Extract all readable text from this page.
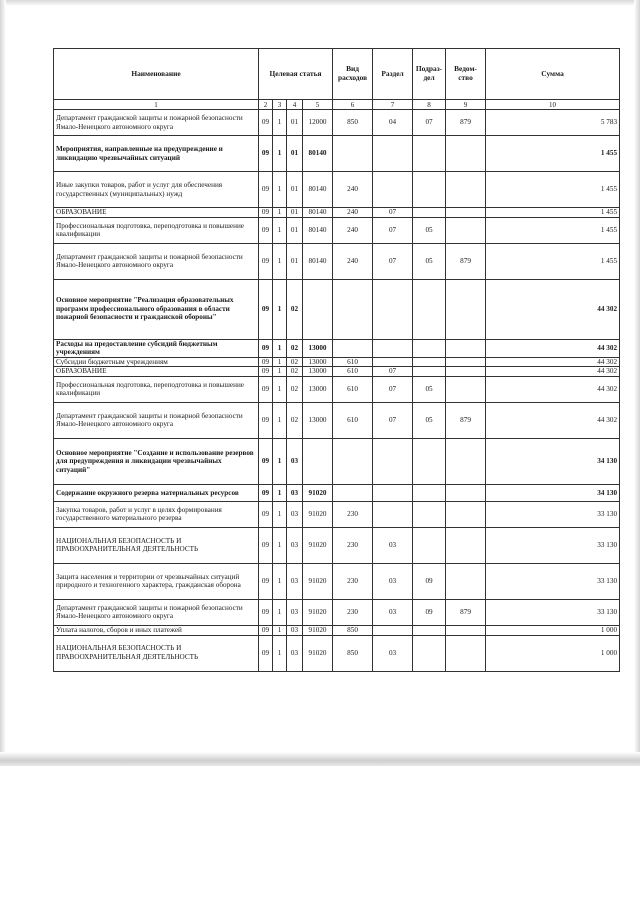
Наименование	Целевая статья				Вид расходов	Раздел	Подраз-дел	Ведом-ство	Сумма
1	2	3	4	5	6	7	8	9	10
Департамент гражданской защиты и пожарной безопасности Ямало-Ненецкого автономного округа	09	1	01	12000	850	04	07	879	5 783
Мероприятия, направленные на предупреждение и ликвидацию чрезвычайных ситуаций	09	1	01	80140					1 455
Иные закупки товаров, работ и услуг для обеспечения государственных (муниципальных) нужд	09	1	01	80140	240				1 455
ОБРАЗОВАНИЕ	09	1	01	80140	240	07			1 455
Профессиональная подготовка, переподготовка и повышение квалификации	09	1	01	80140	240	07	05		1 455
Департамент гражданской защиты и пожарной безопасности Ямало-Ненецкого автономного округа	09	1	01	80140	240	07	05	879	1 455
Основное мероприятие "Реализация образовательных программ профессионального образования в области пожарной безопасности и гражданской обороны"	09	1	02						44 302
Расходы на предоставление субсидий бюджетным учреждениям	09	1	02	13000					44 302
Субсидии бюджетным учреждениям	09	1	02	13000	610				44 302
ОБРАЗОВАНИЕ	09	1	02	13000	610	07			44 302
Профессиональная подготовка, переподготовка и повышение квалификации	09	1	02	13000	610	07	05		44 302
Департамент гражданской защиты и пожарной безопасности Ямало-Ненецкого автономного округа	09	1	02	13000	610	07	05	879	44 302
Основное мероприятие "Создание и использование резервов для предупреждения и ликвидации чрезвычайных ситуаций"	09	1	03						34 130
Содержание окружного резерва материальных ресурсов	09	1	03	91020					34 130
Закупка товаров, работ и услуг в целях формирования государственного материального резерва	09	1	03	91020	230				33 130
НАЦИОНАЛЬНАЯ БЕЗОПАСНОСТЬ И ПРАВООХРАНИТЕЛЬНАЯ ДЕЯТЕЛЬНОСТЬ	09	1	03	91020	230	03			33 130
Защита населения и территории от чрезвычайных ситуаций природного и техногенного характера, гражданская оборона	09	1	03	91020	230	03	09		33 130
Департамент гражданской защиты и пожарной безопасности Ямало-Ненецкого автономного округа	09	1	03	91020	230	03	09	879	33 130
Уплата налогов, сборов и иных платежей	09	1	03	91020	850				1 000
НАЦИОНАЛЬНАЯ БЕЗОПАСНОСТЬ И ПРАВООХРАНИТЕЛЬНАЯ ДЕЯТЕЛЬНОСТЬ	09	1	03	91020	850	03			1 000
